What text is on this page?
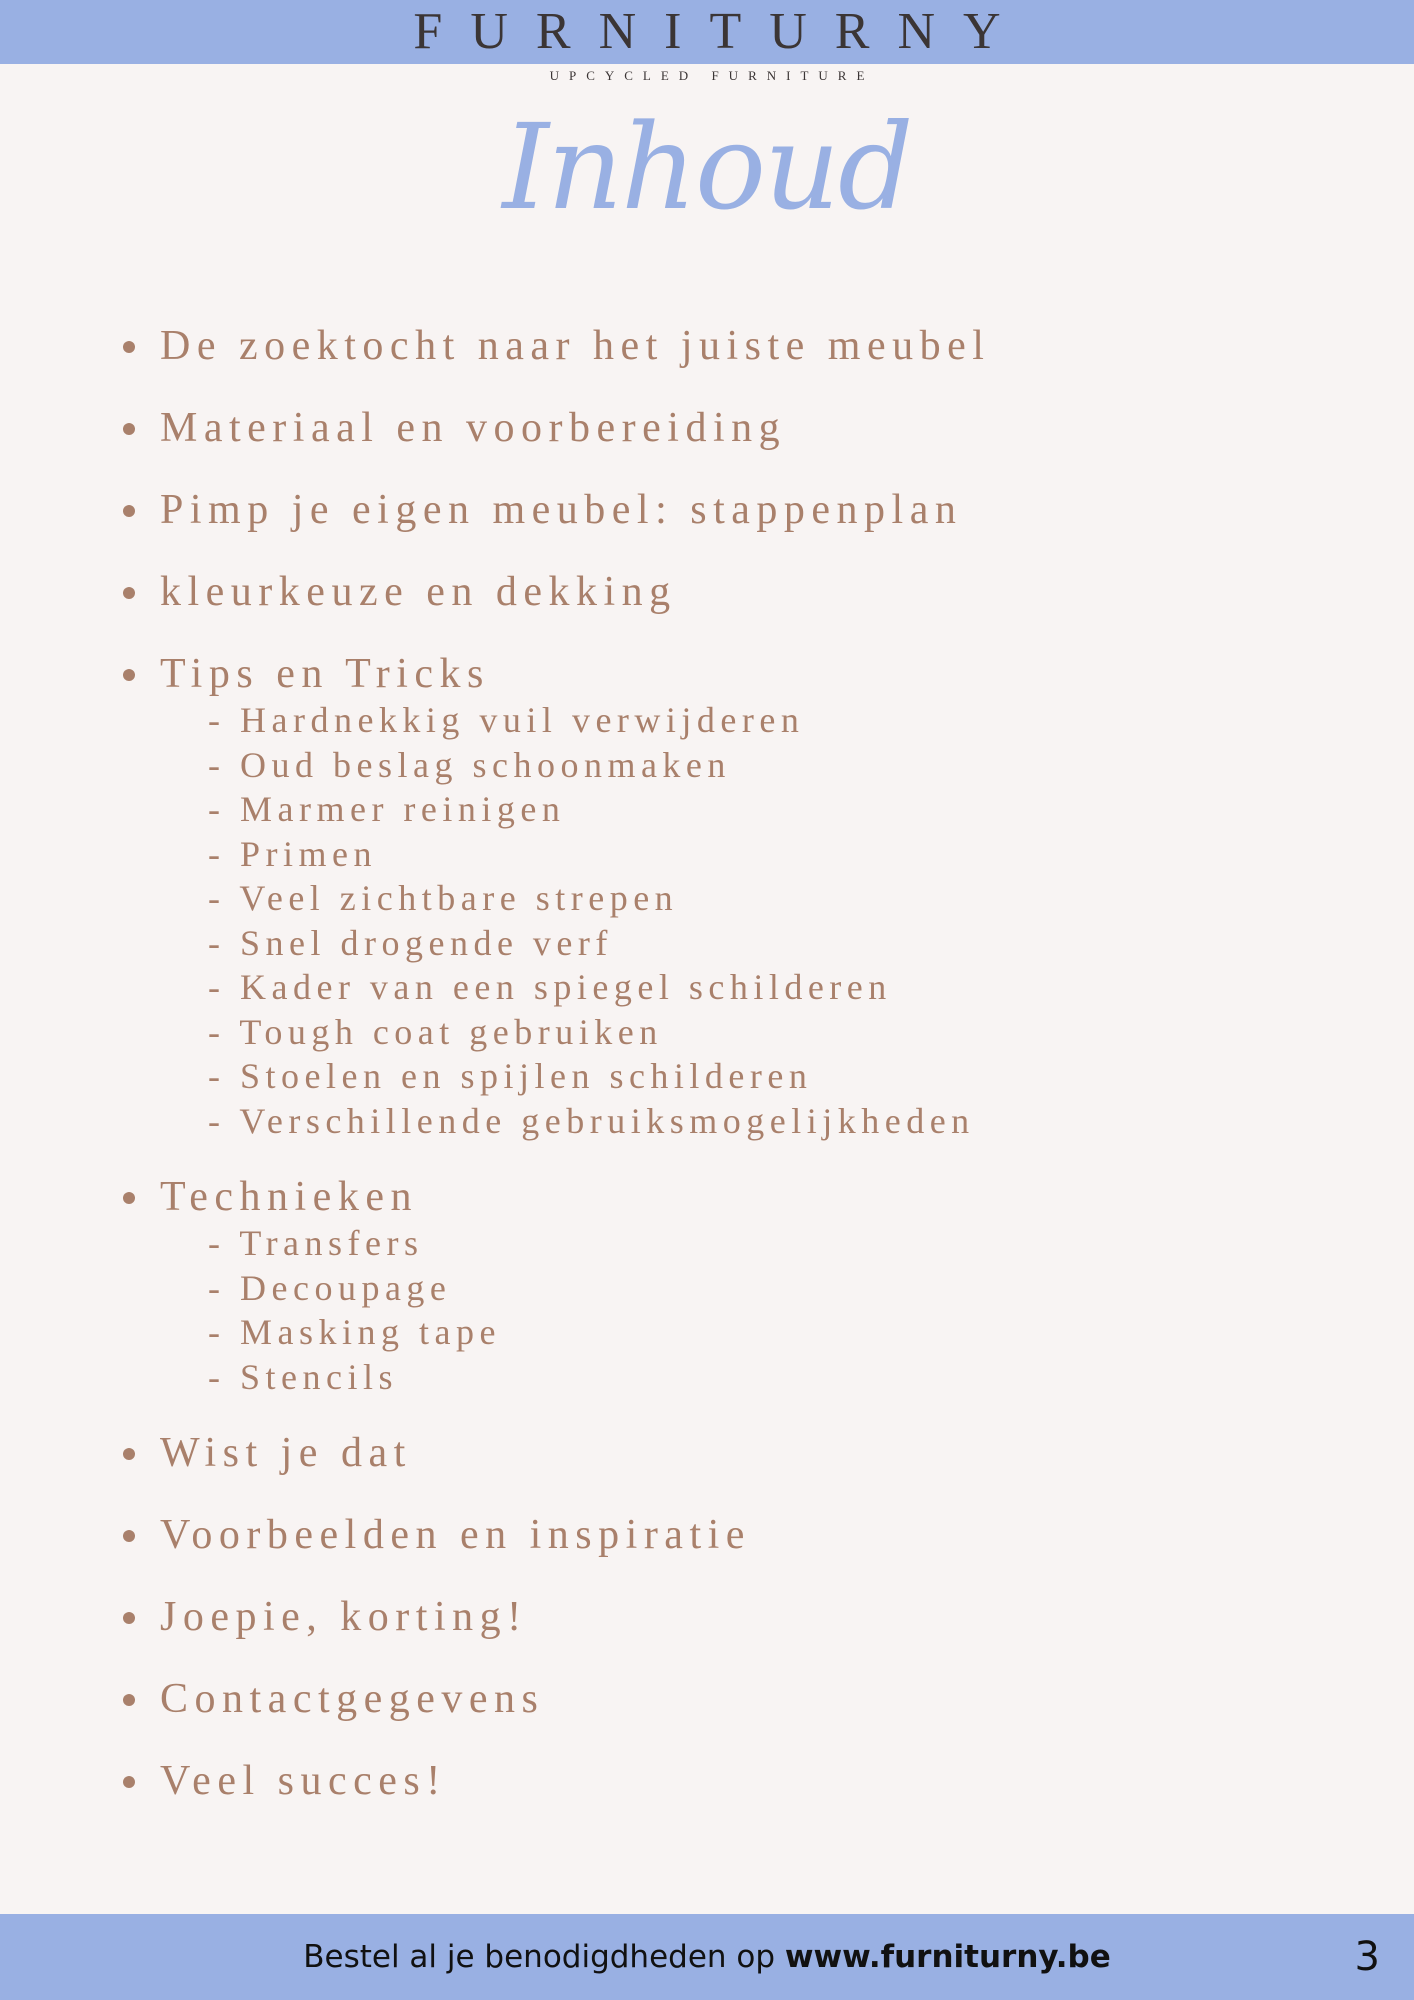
FURNITURNY
UPCYCLED FURNITURE
Inhoud
De zoektocht naar het juiste meubel
Materiaal en voorbereiding
Pimp je eigen meubel: stappenplan
kleurkeuze en dekking
Tips en Tricks
- Hardnekkig vuil verwijderen
- Oud beslag schoonmaken
- Marmer reinigen
- Primen
- Veel zichtbare strepen
- Snel drogende verf
- Kader van een spiegel schilderen
- Tough coat gebruiken
- Stoelen en spijlen schilderen
- Verschillende gebruiksmogelijkheden
Technieken
- Transfers
- Decoupage
- Masking tape
- Stencils
Wist je dat
Voorbeelden en inspiratie
Joepie, korting!
Contactgegevens
Veel succes!
Bestel al je benodigdheden op www.furniturny.be	3
